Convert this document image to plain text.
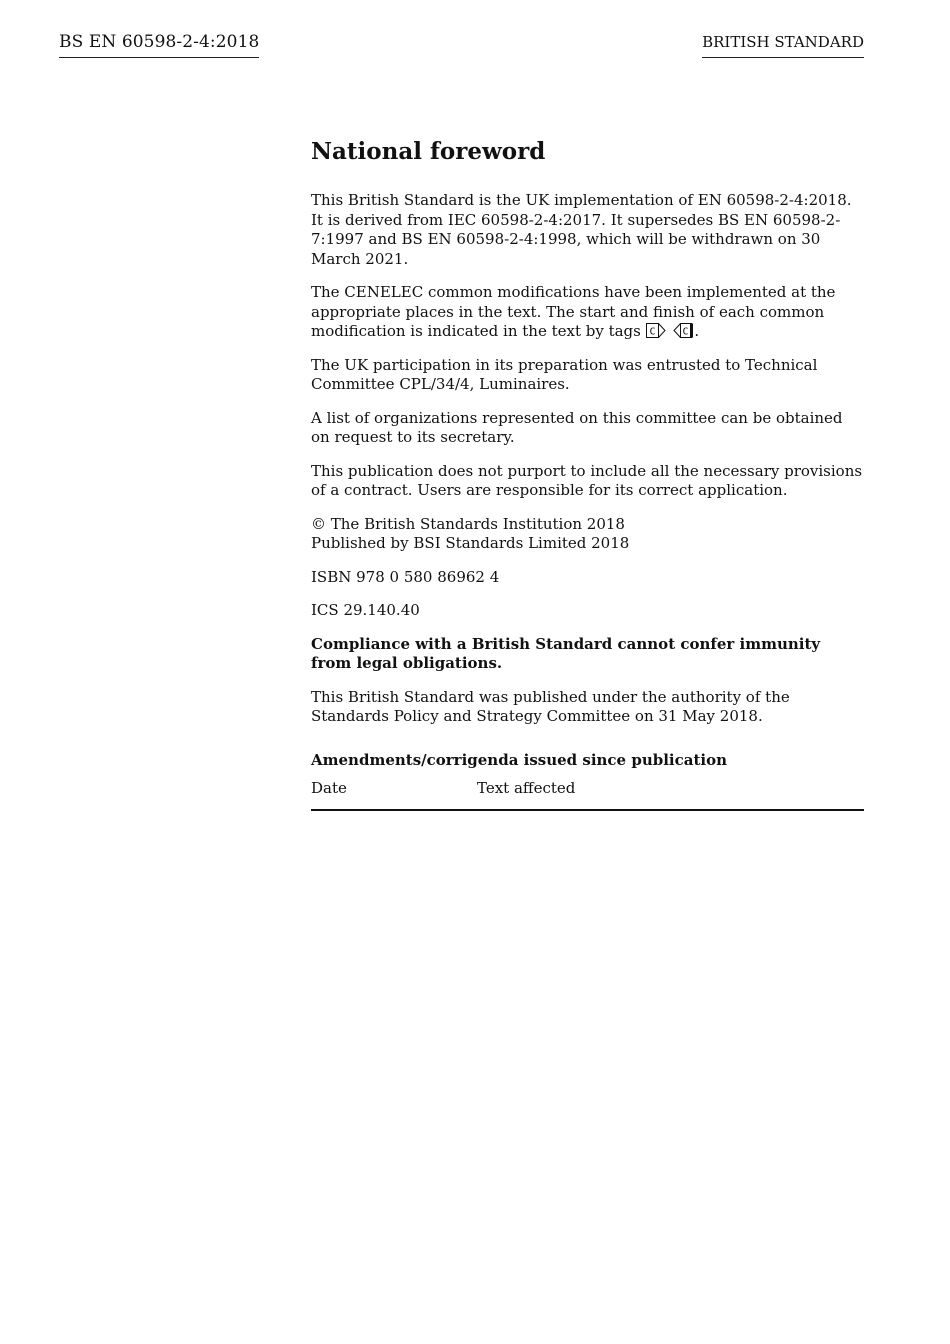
BS EN 60598-2-4:2018	BRITISH STANDARD
National foreword

This British Standard is the UK implementation of EN 60598-2-4:2018. It is derived from IEC 60598-2-4:2017. It supersedes BS EN 60598-2-7:1997 and BS EN 60598-2-4:1998, which will be withdrawn on 30 March 2021.

The CENELEC common modifications have been implemented at the appropriate places in the text. The start and finish of each common modification is indicated in the text by tags C
	C .

The UK participation in its preparation was entrusted to Technical Committee CPL/34/4, Luminaires.

A list of organizations represented on this committee can be obtained on request to its secretary.

This publication does not purport to include all the necessary provisions of a contract. Users are responsible for its correct application.

© The British Standards Institution 2018
Published by BSI Standards Limited 2018

ISBN 978 0 580 86962 4

ICS 29.140.40

Compliance with a British Standard cannot confer immunity from legal obligations.

This British Standard was published under the authority of the Standards Policy and Strategy Committee on 31 May 2018.

Amendments/corrigenda issued since publication
Date	Text affected
